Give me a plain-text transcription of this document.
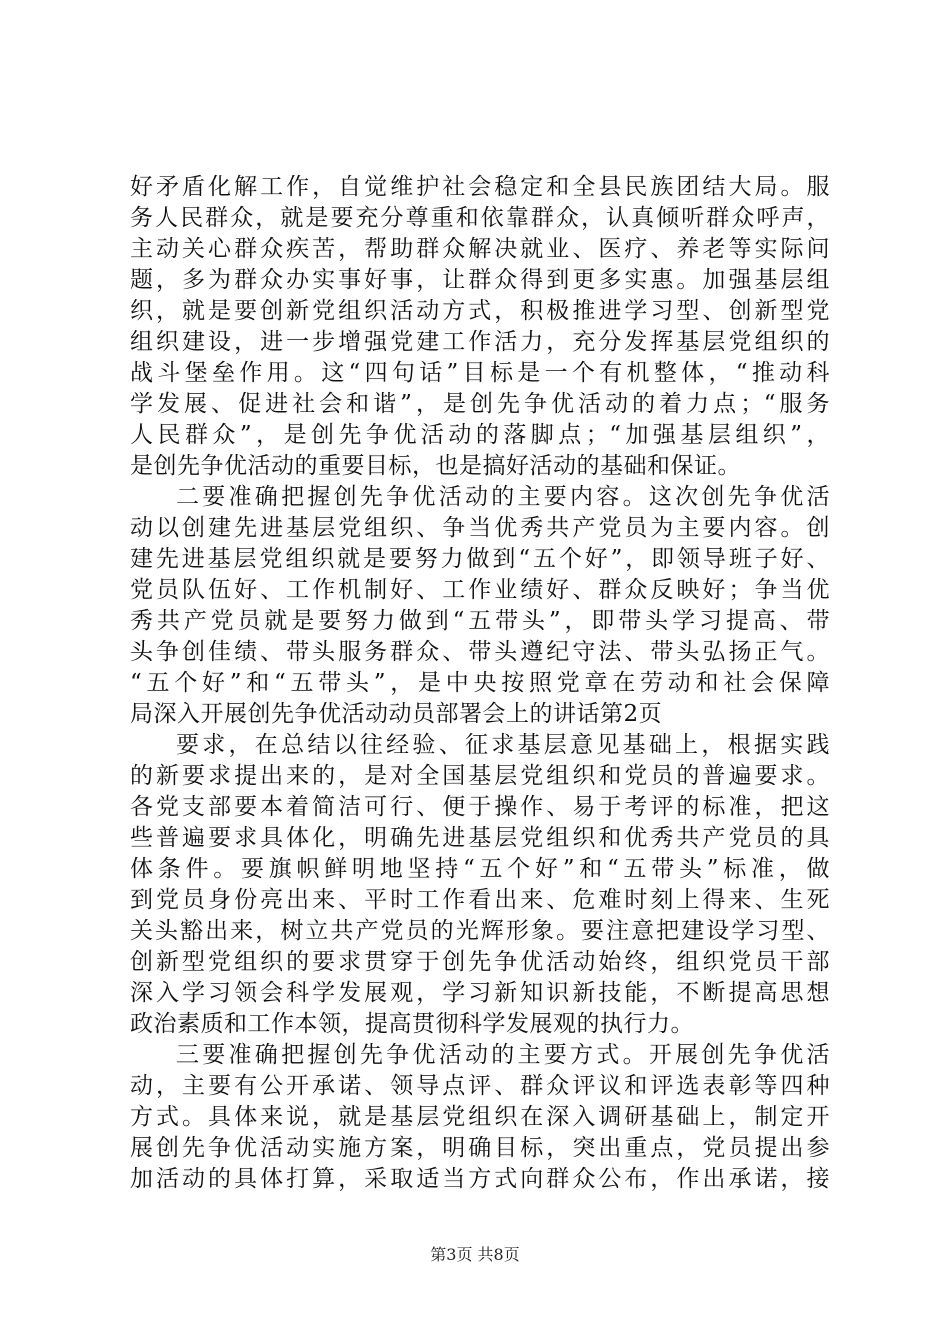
好矛盾化解工作，自觉维护社会稳定和全县民族团结大局。服
务人民群众，就是要充分尊重和依靠群众，认真倾听群众呼声，
主动关心群众疾苦，帮助群众解决就业、医疗、养老等实际问
题，多为群众办实事好事，让群众得到更多实惠。加强基层组
织，就是要创新党组织活动方式，积极推进学习型、创新型党
组织建设，进一步增强党建工作活力，充分发挥基层党组织的
战斗堡垒作用。这“四句话”目标是一个有机整体，“推动科
学发展、促进社会和谐”，是创先争优活动的着力点；“服务
人民群众”，是创先争优活动的落脚点；“加强基层组织”，
是创先争优活动的重要目标，也是搞好活动的基础和保证。
二要准确把握创先争优活动的主要内容。这次创先争优活
动以创建先进基层党组织、争当优秀共产党员为主要内容。创
建先进基层党组织就是要努力做到“五个好”，即领导班子好、
党员队伍好、工作机制好、工作业绩好、群众反映好；争当优
秀共产党员就是要努力做到“五带头”，即带头学习提高、带
头争创佳绩、带头服务群众、带头遵纪守法、带头弘扬正气。
“五个好”和“五带头”，是中央按照党章在劳动和社会保障
局深入开展创先争优活动动员部署会上的讲话第2页
要求，在总结以往经验、征求基层意见基础上，根据实践
的新要求提出来的，是对全国基层党组织和党员的普遍要求。
各党支部要本着简洁可行、便于操作、易于考评的标准，把这
些普遍要求具体化，明确先进基层党组织和优秀共产党员的具
体条件。要旗帜鲜明地坚持“五个好”和“五带头”标准，做
到党员身份亮出来、平时工作看出来、危难时刻上得来、生死
关头豁出来，树立共产党员的光辉形象。要注意把建设学习型、
创新型党组织的要求贯穿于创先争优活动始终，组织党员干部
深入学习领会科学发展观，学习新知识新技能，不断提高思想
政治素质和工作本领，提高贯彻科学发展观的执行力。
三要准确把握创先争优活动的主要方式。开展创先争优活
动，主要有公开承诺、领导点评、群众评议和评选表彰等四种
方式。具体来说，就是基层党组织在深入调研基础上，制定开
展创先争优活动实施方案，明确目标，突出重点，党员提出参
加活动的具体打算，采取适当方式向群众公布，作出承诺，接
第3页 共8页
